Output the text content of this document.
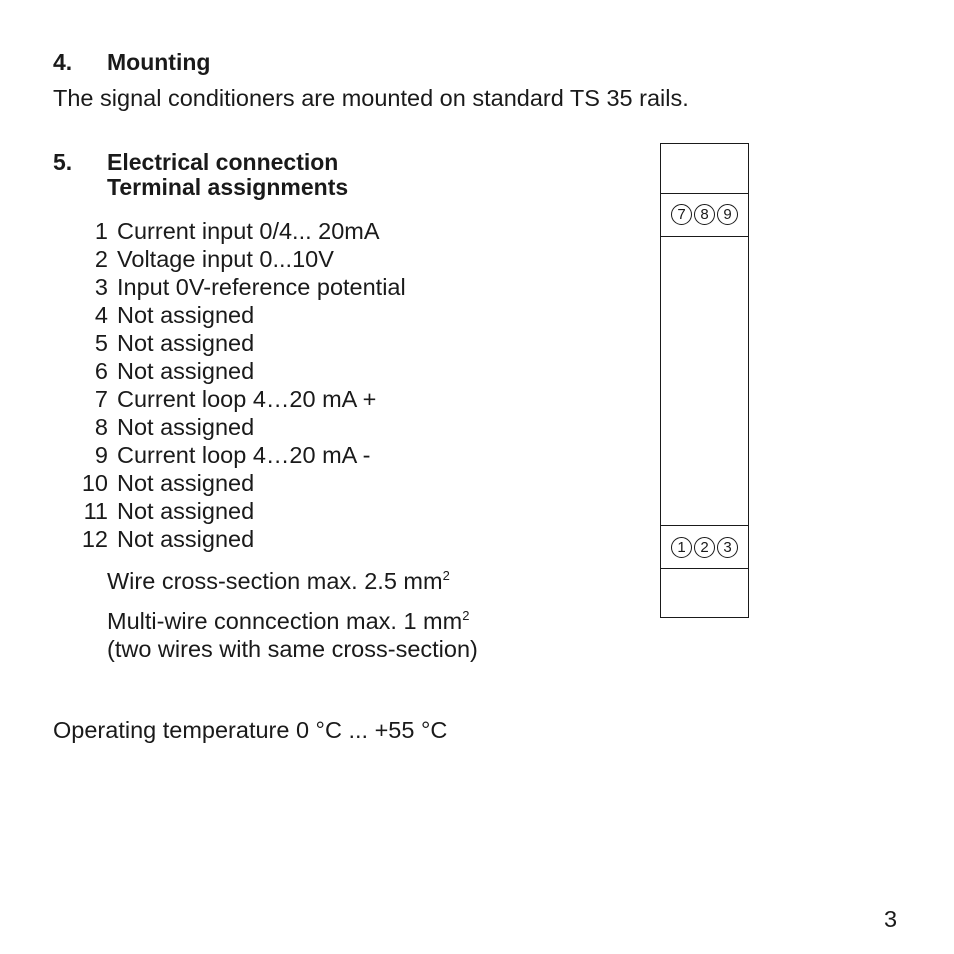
4. Mounting
The signal conditioners are mounted on standard TS 35 rails.
5. Electrical connection
Terminal assignments
1 Current input 0/4... 20mA
2 Voltage input 0...10V
3 Input 0V-reference potential
4 Not assigned
5 Not assigned
6 Not assigned
7 Current loop 4…20 mA +
8 Not assigned
9 Current loop 4…20 mA -
10 Not assigned
11 Not assigned
12 Not assigned
Wire cross-section max. 2.5 $mm^2$
Multi-wire conncection max. 1 $mm^2$
(two wires with same cross-section)
Operating temperature 0 °C ... +55 °C
7 8 9
1 2 3
3
